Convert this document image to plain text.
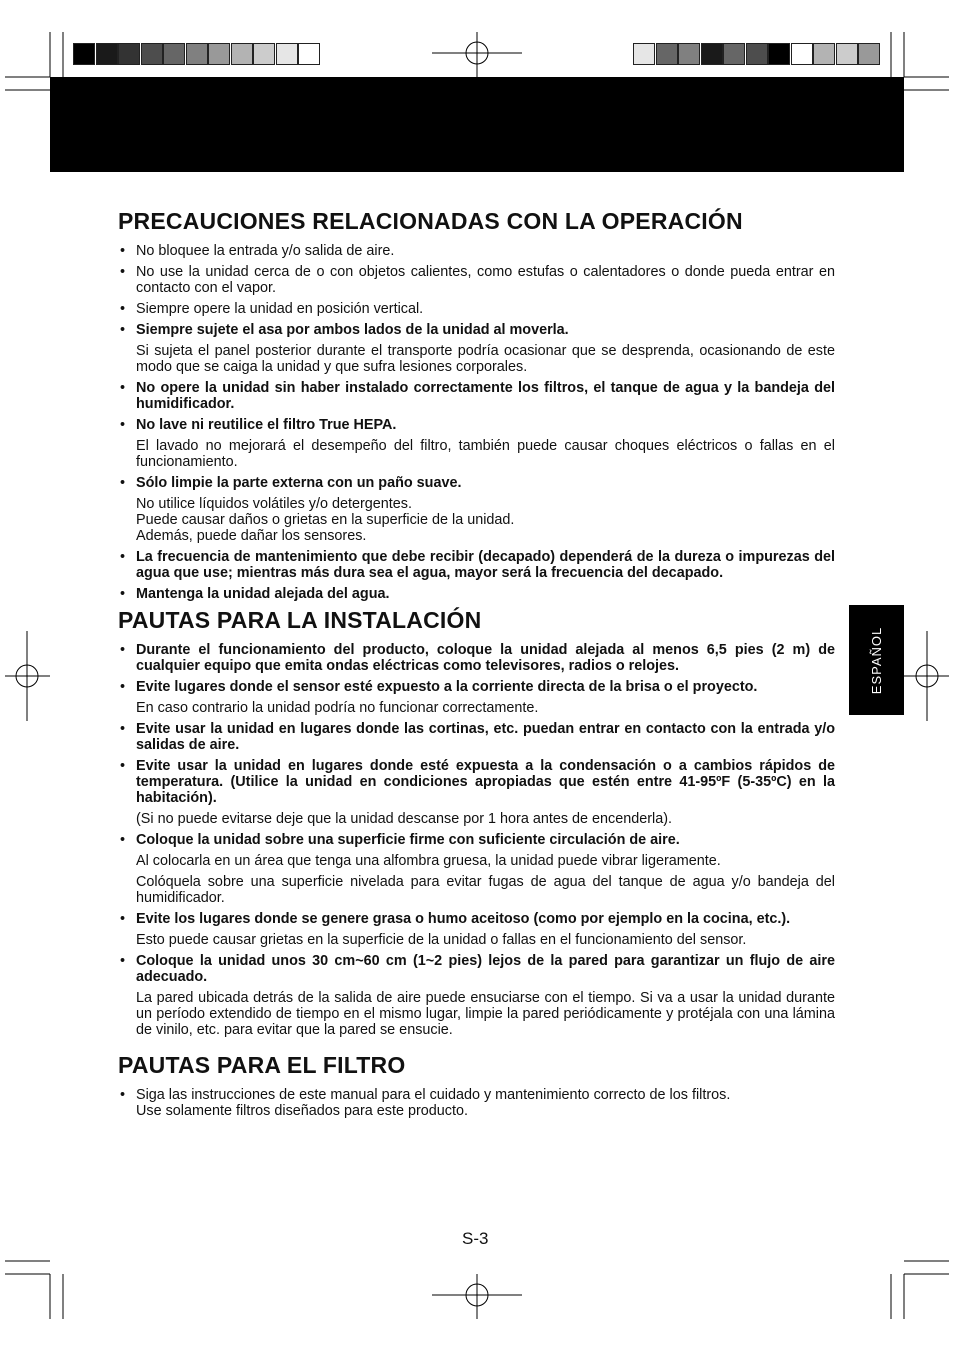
ESPAÑOL
PRECAUCIONES RELACIONADAS CON LA OPERACIÓN
• No bloquee la entrada y/o salida de aire.
• No use la unidad cerca de o con objetos calientes, como estufas o calentadores o donde pueda entrar en contacto con el vapor.
• Siempre opere la unidad en posición vertical.
• Siempre sujete el asa por ambos lados de la unidad al moverla.
Si sujeta el panel posterior durante el transporte podría ocasionar que se desprenda, ocasionando de este modo que se caiga la unidad y que sufra lesiones corporales.
• No opere la unidad sin haber instalado correctamente los filtros, el tanque de agua y la bandeja del humidificador.
• No lave ni reutilice el filtro True HEPA.
El lavado no mejorará el desempeño del filtro, también puede causar choques eléctricos o fallas en el funcionamiento.
• Sólo limpie la parte externa con un paño suave.
No utilice líquidos volátiles y/o detergentes.
Puede causar daños o grietas en la superficie de la unidad.
Además, puede dañar los sensores.
• La frecuencia de mantenimiento que debe recibir (decapado) dependerá de la dureza o impurezas del agua que use; mientras más dura sea el agua, mayor será la frecuencia del decapado.
• Mantenga la unidad alejada del agua.
PAUTAS PARA LA INSTALACIÓN
• Durante el funcionamiento del producto, coloque la unidad alejada al menos 6,5 pies (2 m) de cualquier equipo que emita ondas eléctricas como televisores, radios o relojes.
• Evite lugares donde el sensor esté expuesto a la corriente directa de la brisa o el proyecto.
En caso contrario la unidad podría no funcionar correctamente.
• Evite usar la unidad en lugares donde las cortinas, etc. puedan entrar en contacto con la entrada y/o salidas de aire.
• Evite usar la unidad en lugares donde esté expuesta a la condensación o a cambios rápidos de temperatura. (Utilice la unidad en condiciones apropiadas que estén entre 41-95ºF (5-35ºC) en la habitación).
(Si no puede evitarse deje que la unidad descanse por 1 hora antes de encenderla).
• Coloque la unidad sobre una superficie firme con suficiente circulación de aire.
Al colocarla en un área que tenga una alfombra gruesa, la unidad puede vibrar ligeramente.
Colóquela sobre una superficie nivelada para evitar fugas de agua del tanque de agua y/o bandeja del humidificador.
• Evite los lugares donde se genere grasa o humo aceitoso (como por ejemplo en la cocina, etc.).
Esto puede causar grietas en la superficie de la unidad o fallas en el funcionamiento del sensor.
• Coloque la unidad unos 30 cm~60 cm (1~2 pies) lejos de la pared para garantizar un flujo de aire adecuado.
La pared ubicada detrás de la salida de aire puede ensuciarse con el tiempo. Si va a usar la unidad durante un período extendido de tiempo en el mismo lugar, limpie la pared periódicamente y protéjala con una lámina de vinilo, etc. para evitar que la pared se ensucie.
PAUTAS PARA EL FILTRO
• Siga las instrucciones de este manual para el cuidado y mantenimiento correcto de los filtros.
Use solamente filtros diseñados para este producto.
S-3
